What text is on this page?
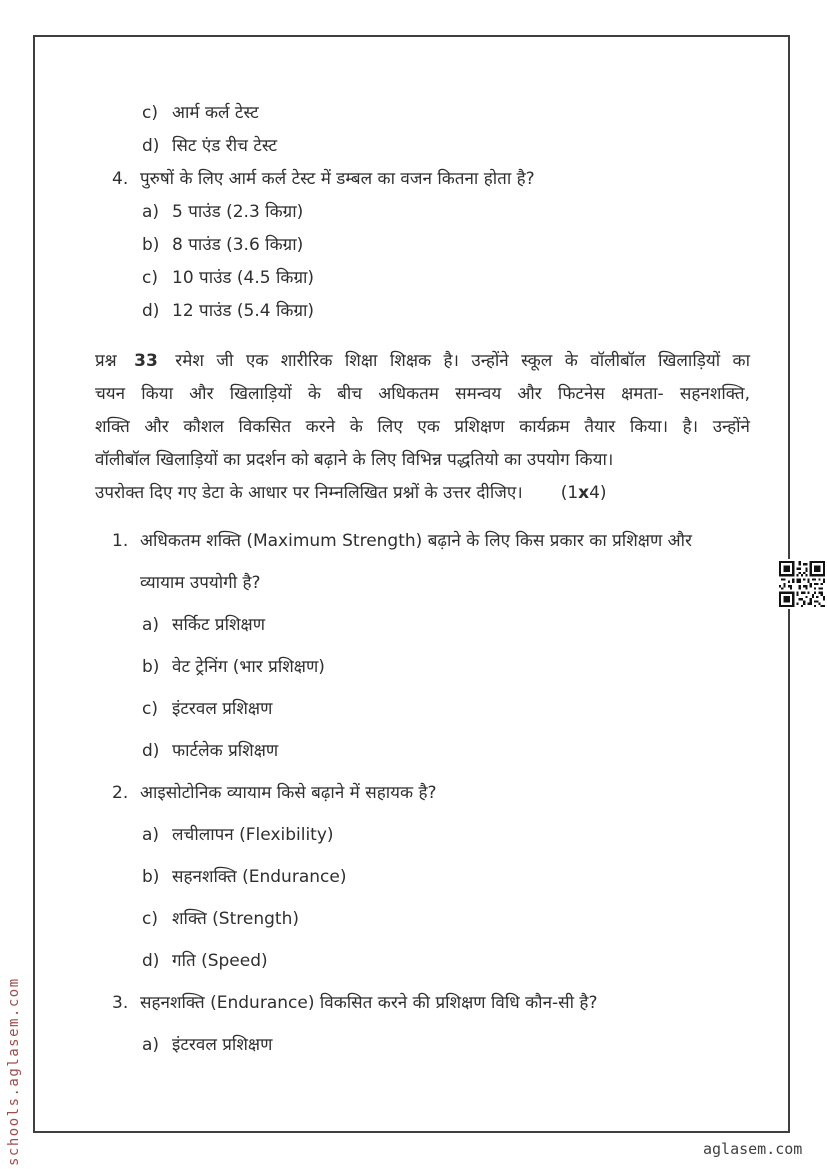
c) आर्म कर्ल टेस्ट
d) सिट एंड रीच टेस्ट
4. पुरुषों के लिए आर्म कर्ल टेस्ट में डम्बल का वजन कितना होता है?
a) 5 पाउंड (2.3 किग्रा)
b) 8 पाउंड (3.6 किग्रा)
c) 10 पाउंड (4.5 किग्रा)
d) 12 पाउंड (5.4 किग्रा)
प्रश्न 33 रमेश जी एक शारीरिक शिक्षा शिक्षक है। उन्होंने स्कूल के वॉलीबॉल खिलाड़ियों का
चयन किया और खिलाड़ियों के बीच अधिकतम समन्वय और फिटनेस क्षमता- सहनशक्ति,
शक्ति और कौशल विकसित करने के लिए एक प्रशिक्षण कार्यक्रम तैयार किया। है। उन्होंने
वॉलीबॉल खिलाड़ियों का प्रदर्शन को बढ़ाने के लिए विभिन्न पद्धतियो का उपयोग किया।
उपरोक्त दिए गए डेटा के आधार पर निम्नलिखित प्रश्नों के उत्तर दीजिए। (1x4)
1. अधिकतम शक्ति (Maximum Strength) बढ़ाने के लिए किस प्रकार का प्रशिक्षण और
व्यायाम उपयोगी है?
a) सर्किट प्रशिक्षण
b) वेट ट्रेनिंग (भार प्रशिक्षण)
c) इंटरवल प्रशिक्षण
d) फार्टलेक प्रशिक्षण
2. आइसोटोनिक व्यायाम किसे बढ़ाने में सहायक है?
a) लचीलापन (Flexibility)
b) सहनशक्ति (Endurance)
c) शक्ति (Strength)
d) गति (Speed)
3. सहनशक्ति (Endurance) विकसित करने की प्रशिक्षण विधि कौन-सी है?
a) इंटरवल प्रशिक्षण
schools.aglasem.com	aglasem.com
